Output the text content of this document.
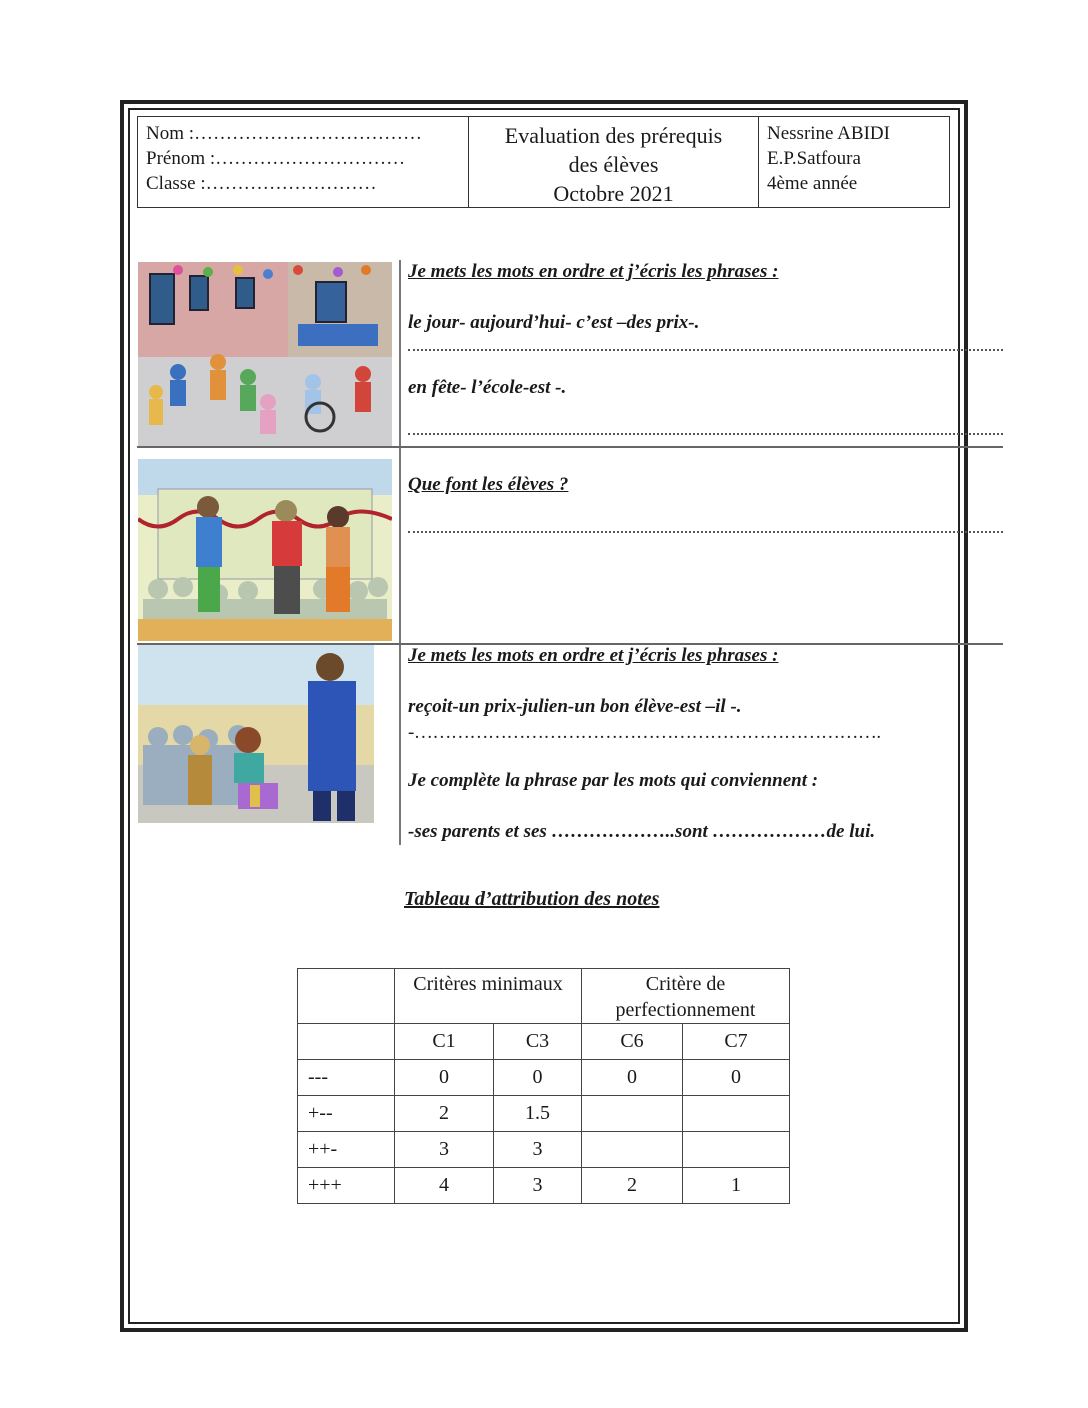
Nom :………………………………
Prénom :…………………………
Classe :………………………
Evaluation des prérequis
des élèves
Octobre 2021
Nessrine ABIDI
E.P.Satfoura
4ème année
Je mets les mots en ordre et j’écris les phrases :
le jour- aujourd’hui- c’est –des prix-.
en fête- l’école-est -.
Que font les élèves ?
Je mets les mots en ordre et j’écris les phrases :
reçoit-un prix-julien-un bon élève-est –il -.
-………………………………………………………………….
Je complète la phrase par les mots qui conviennent :
-ses parents et ses ………………..sont ………………de lui.
Tableau d’attribution des notes
	Critères minimaux		Critère de
perfectionnement	

	C1	C3	C6	C7
---	0	0	0	0
+--	2	1.5		
++-	3	3		
+++	4	3	2	1
